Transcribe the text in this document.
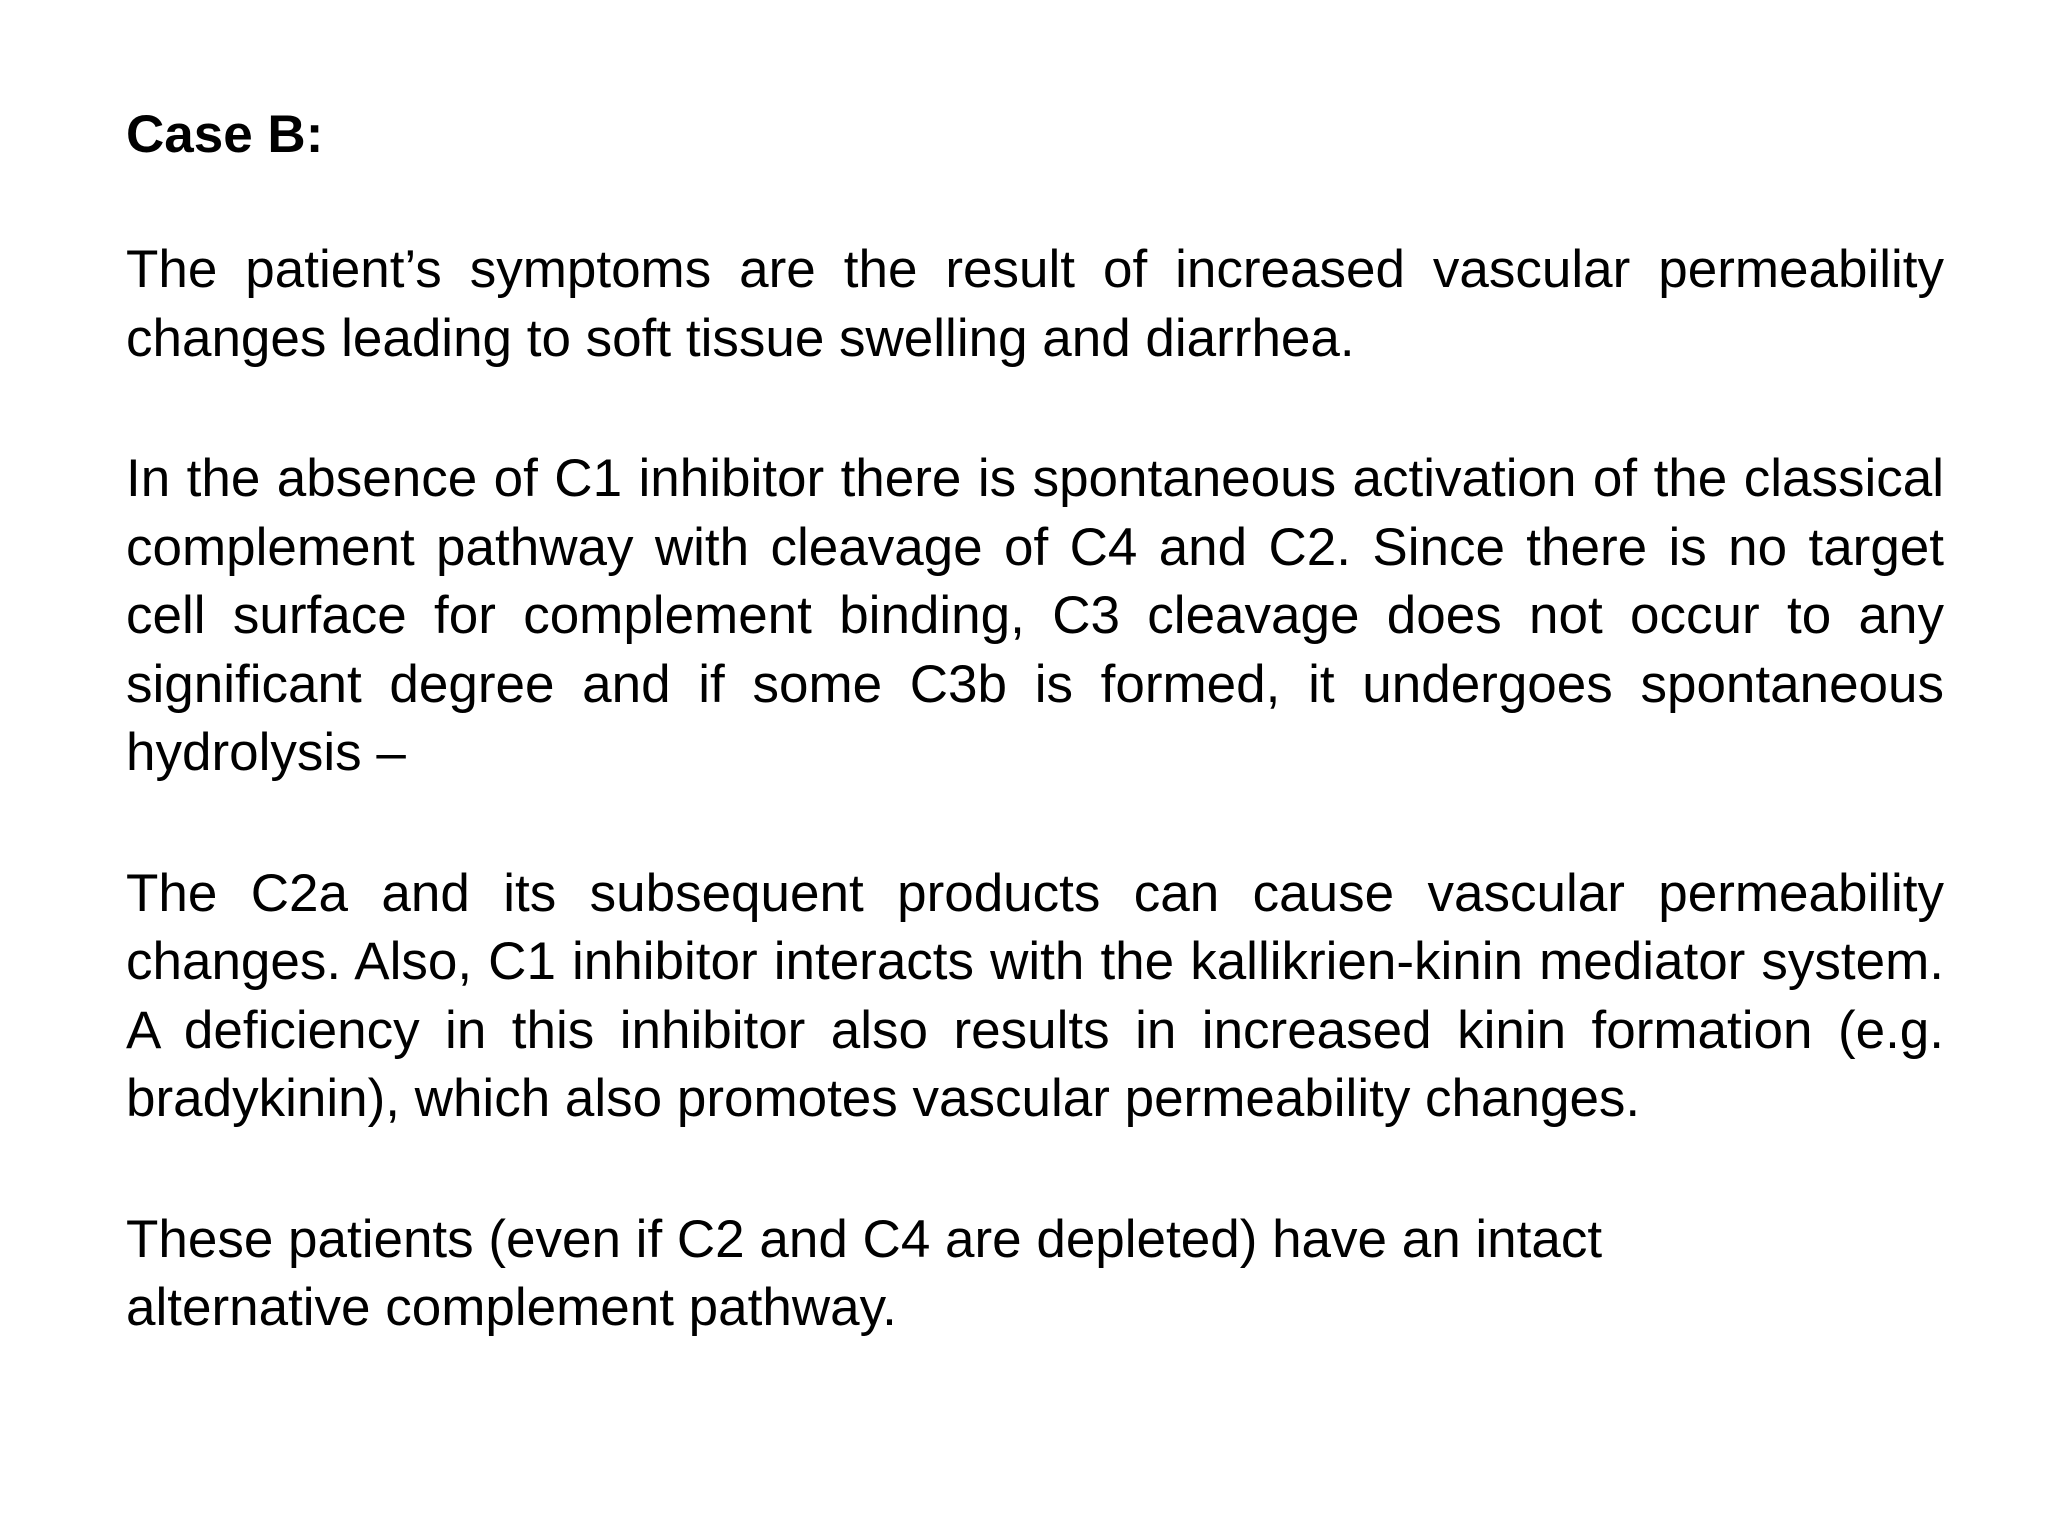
Case B:

The patient’s symptoms are the result of increased vascular permeability changes leading to soft tissue swelling and diarrhea.

In the absence of C1 inhibitor there is spontaneous activation of the classical complement pathway with cleavage of C4 and C2. Since there is no target cell surface for complement binding, C3 cleavage does not occur to any significant degree and if some C3b is formed, it undergoes spontaneous hydrolysis –

The C2a and its subsequent products can cause vascular permeability changes. Also, C1 inhibitor interacts with the kallikrien-kinin mediator system. A deficiency in this inhibitor also results in increased kinin formation (e.g. bradykinin), which also promotes vascular permeability changes.

These patients (even if C2 and C4 are depleted) have an intact alternative complement pathway.
